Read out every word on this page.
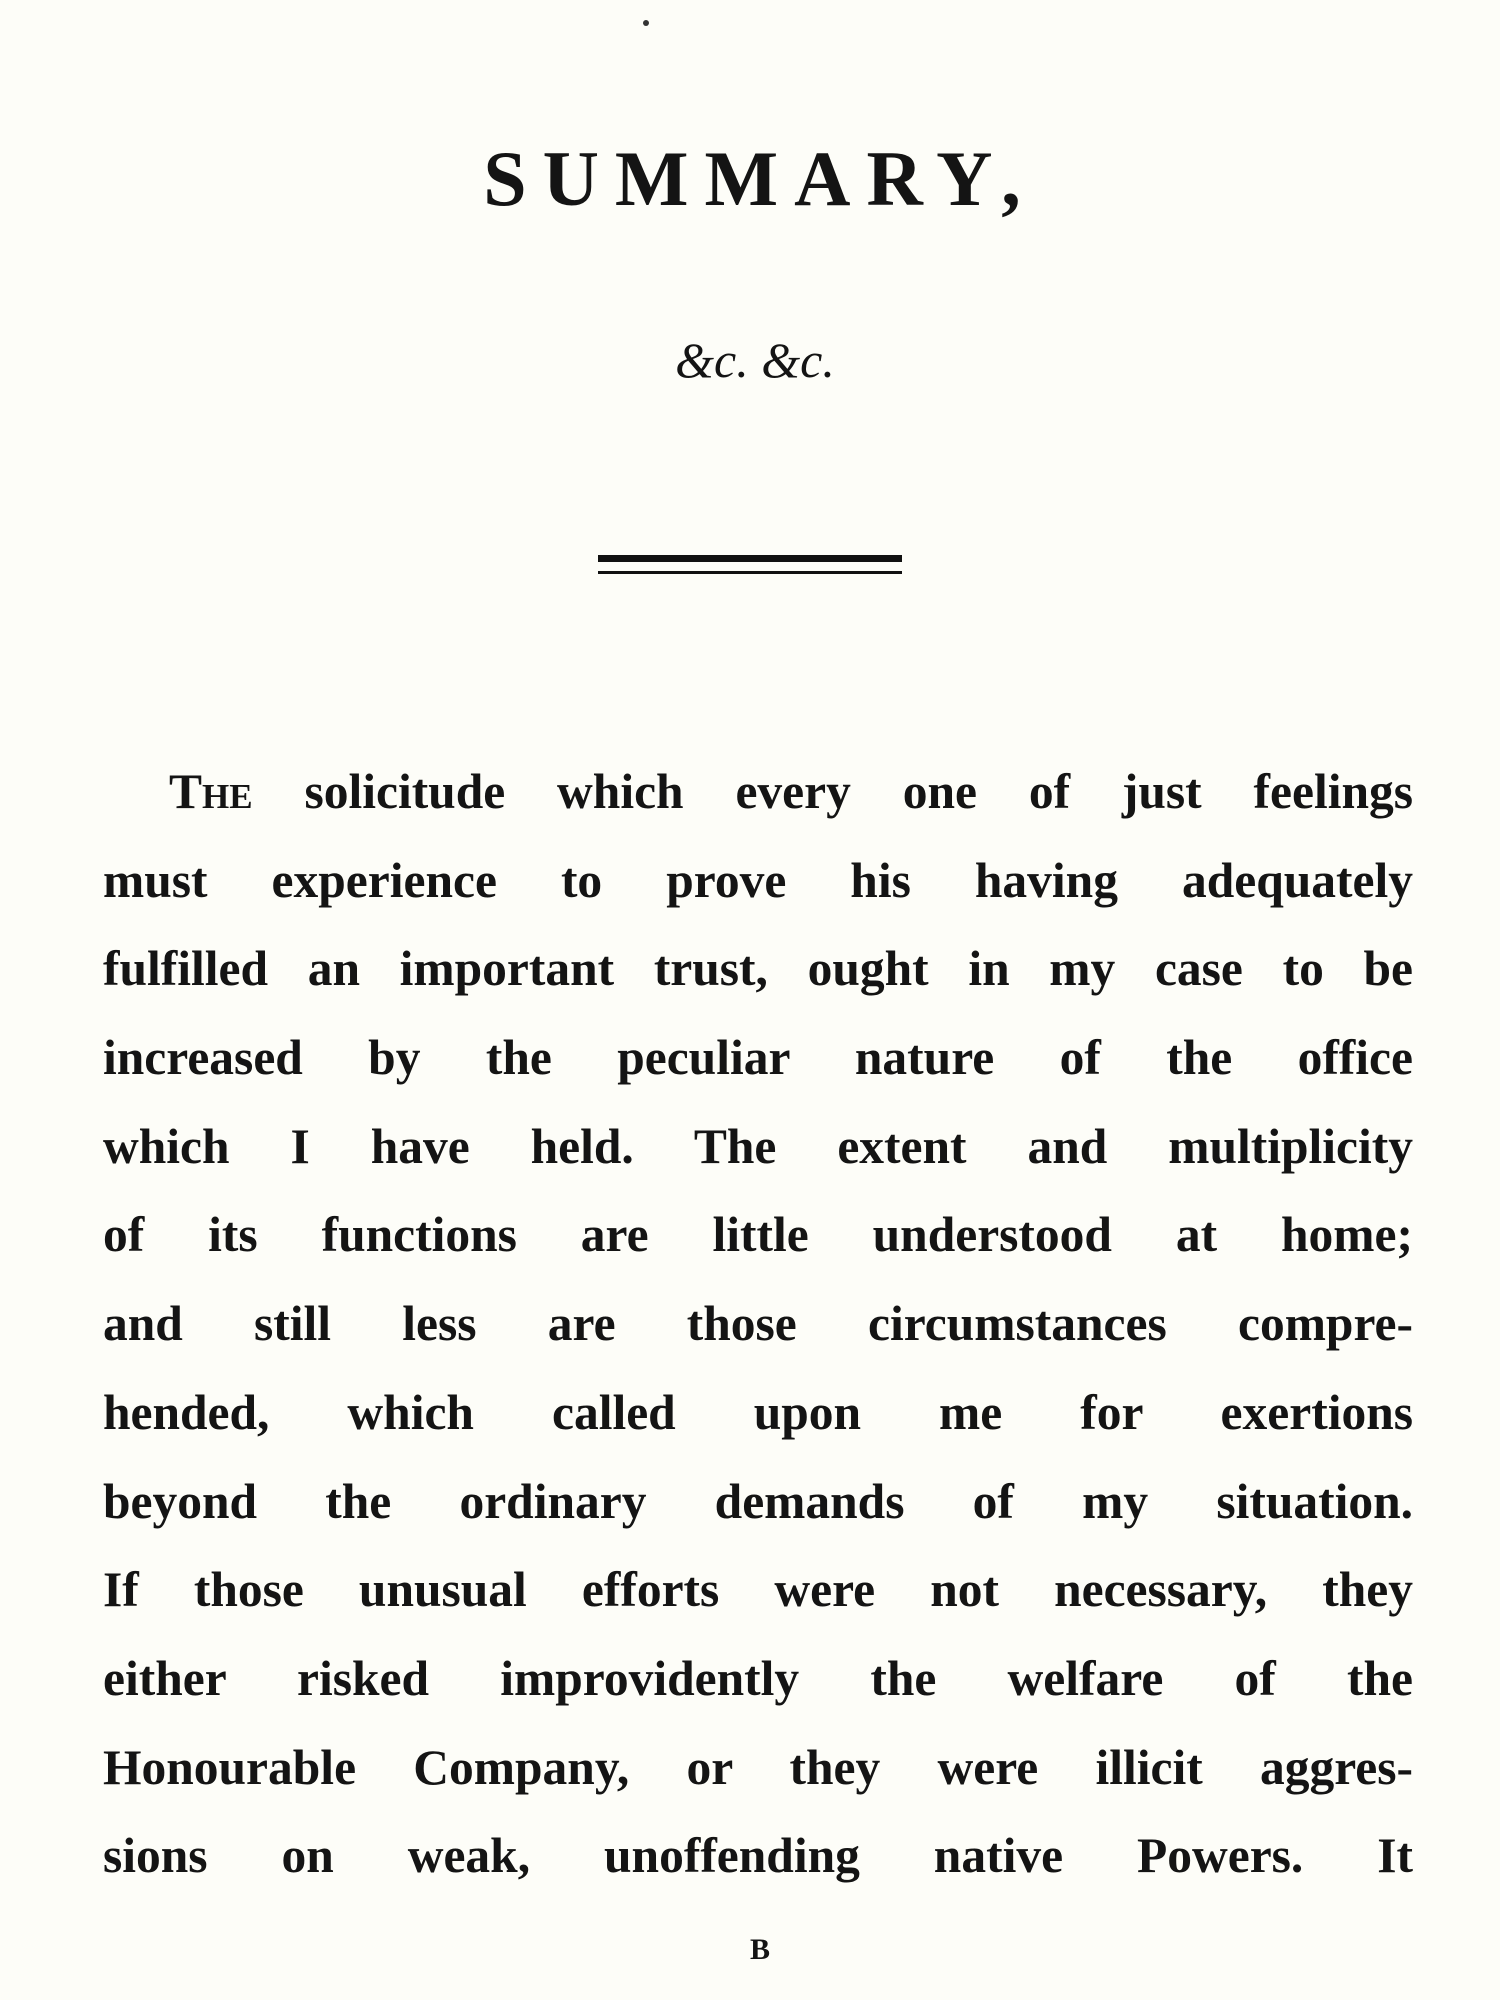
SUMMARY,
&c. &c.
The solicitude which every one of just feelings
must experience to prove his having adequately
fulfilled an important trust, ought in my case to be
increased by the peculiar nature of the office
which I have held. The extent and multiplicity
of its functions are little understood at home;
and still less are those circumstances compre-
hended, which called upon me for exertions
beyond the ordinary demands of my situation.
If those unusual efforts were not necessary, they
either risked improvidently the welfare of the
Honourable Company, or they were illicit aggres-
sions on weak, unoffending native Powers. It
B
